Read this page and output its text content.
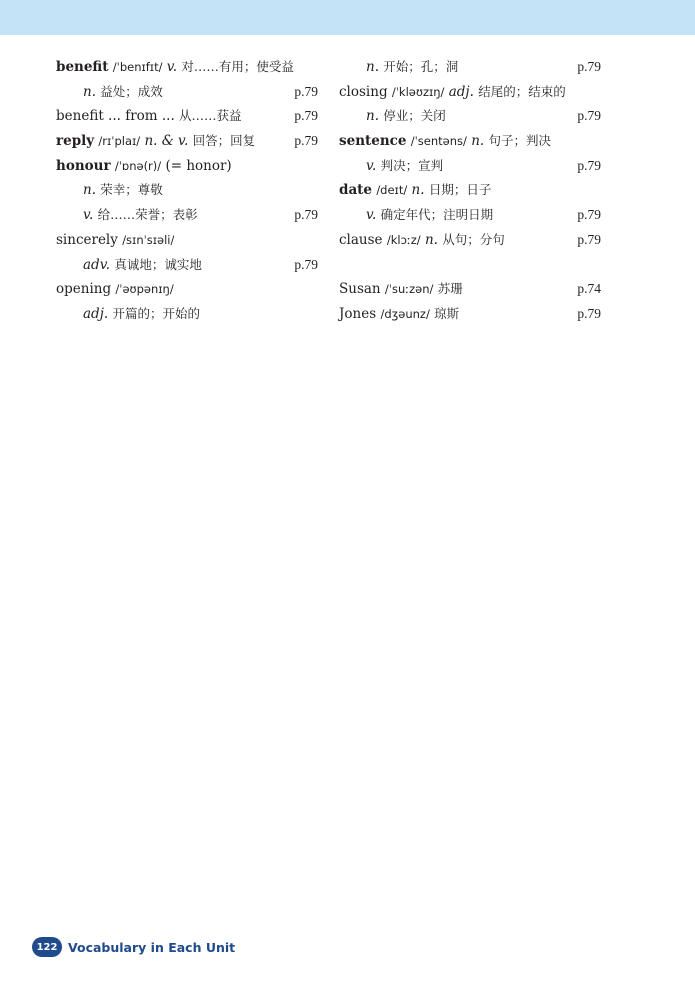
benefit /ˈbenɪfɪt/ v. 对……有用；使受益
n. 益处；成效	p.79
benefit ... from ... 从……获益	p.79
reply /rɪˈplaɪ/ n. & v. 回答；回复	p.79
honour /ˈɒnə(r)/ (= honor)
n. 荣幸；尊敬
v. 给……荣誉；表彰	p.79
sincerely /sɪnˈsɪəli/
adv. 真诚地；诚实地	p.79
opening /ˈəʊpənɪŋ/
adj. 开篇的；开始的
n. 开始；孔；洞	p.79
closing /ˈkləʊzɪŋ/ adj. 结尾的；结束的
n. 停业；关闭	p.79
sentence /ˈsentəns/ n. 句子；判决
v. 判决；宣判	p.79
date /deɪt/ n. 日期；日子
v. 确定年代；注明日期	p.79
clause /klɔːz/ n. 从句；分句	p.79
Susan /ˈsuːzən/ 苏珊	p.74
Jones /dʒəunz/ 琼斯	p.79
122 Vocabulary in Each Unit
